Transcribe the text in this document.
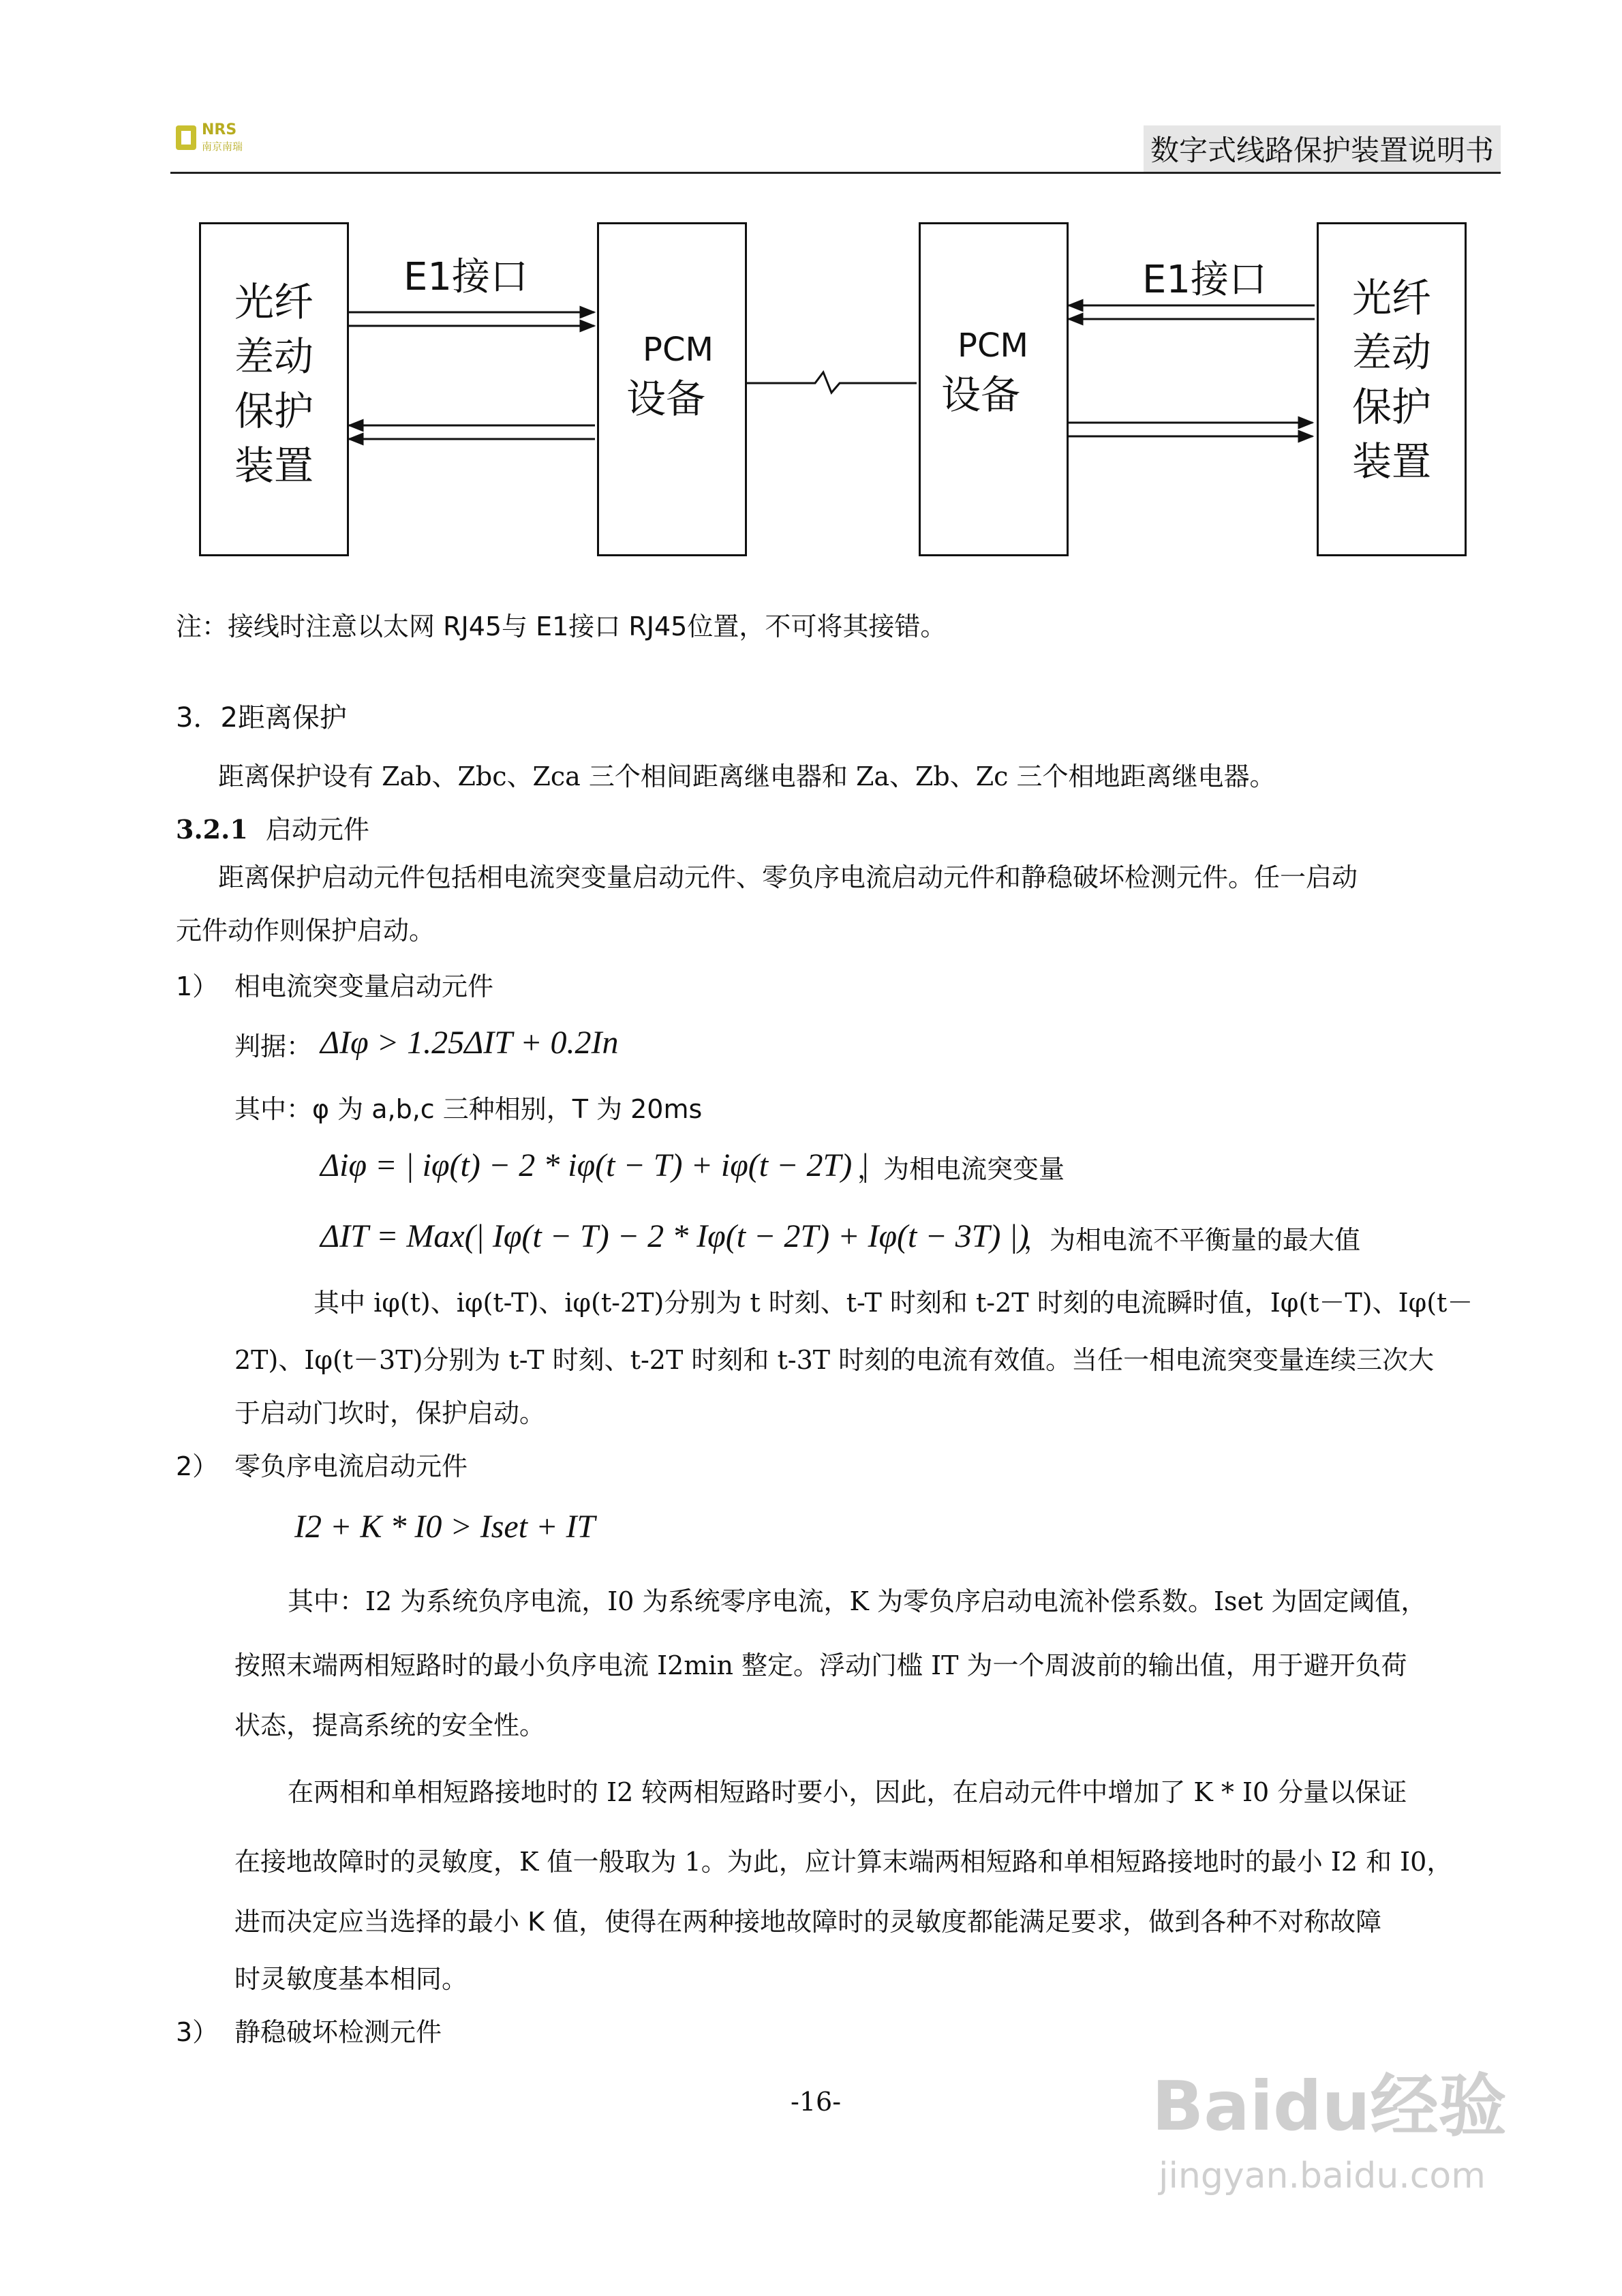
NRS
南京南瑞	数字式线路保护装置说明书
光纤
差动
保护
装置
PCM
设备
PCM
设备
光纤
差动
保护
装置
E1接口	E1接口
注：接线时注意以太网 RJ45与 E1接口 RJ45位置，不可将其接错。
3．2距离保护
距离保护设有 Zab、Zbc、Zca 三个相间距离继电器和 Za、Zb、Zc 三个相地距离继电器。
3.2.1 启动元件
距离保护启动元件包括相电流突变量启动元件、零负序电流启动元件和静稳破坏检测元件。任一启动
元件动作则保护启动。
1） 相电流突变量启动元件
判据： ΔIφ > 1.25ΔIT + 0.2In
其中：φ 为 a,b,c 三种相别，T 为 20ms
Δiφ = | iφ(t) − 2 * iφ(t − T) + iφ(t − 2T) |
，为相电流突变量
ΔIT = Max(| Iφ(t − T) − 2 * Iφ(t − 2T) + Iφ(t − 3T) |)
，为相电流不平衡量的最大值
其中 iφ(t)、iφ(t-T)、iφ(t-2T)分别为 t 时刻、t-T 时刻和 t-2T 时刻的电流瞬时值，Iφ(t－T)、Iφ(t－
2T)、Iφ(t－3T)分别为 t-T 时刻、t-2T 时刻和 t-3T 时刻的电流有效值。当任一相电流突变量连续三次大
于启动门坎时，保护启动。
2） 零负序电流启动元件
I2 + K * I0 > Iset + IT
其中：I2 为系统负序电流，I0 为系统零序电流，K 为零负序启动电流补偿系数。Iset 为固定阈值，
按照末端两相短路时的最小负序电流 I2min 整定。浮动门槛 IT 为一个周波前的输出值，用于避开负荷
状态，提高系统的安全性。
在两相和单相短路接地时的 I2 较两相短路时要小，因此，在启动元件中增加了 K * I0 分量以保证
在接地故障时的灵敏度，K 值一般取为 1。为此，应计算末端两相短路和单相短路接地时的最小 I2 和 I0，
进而决定应当选择的最小 K 值，使得在两种接地故障时的灵敏度都能满足要求，做到各种不对称故障
时灵敏度基本相同。
3） 静稳破坏检测元件
-16-	Baidu经验
jingyan.baidu.com
